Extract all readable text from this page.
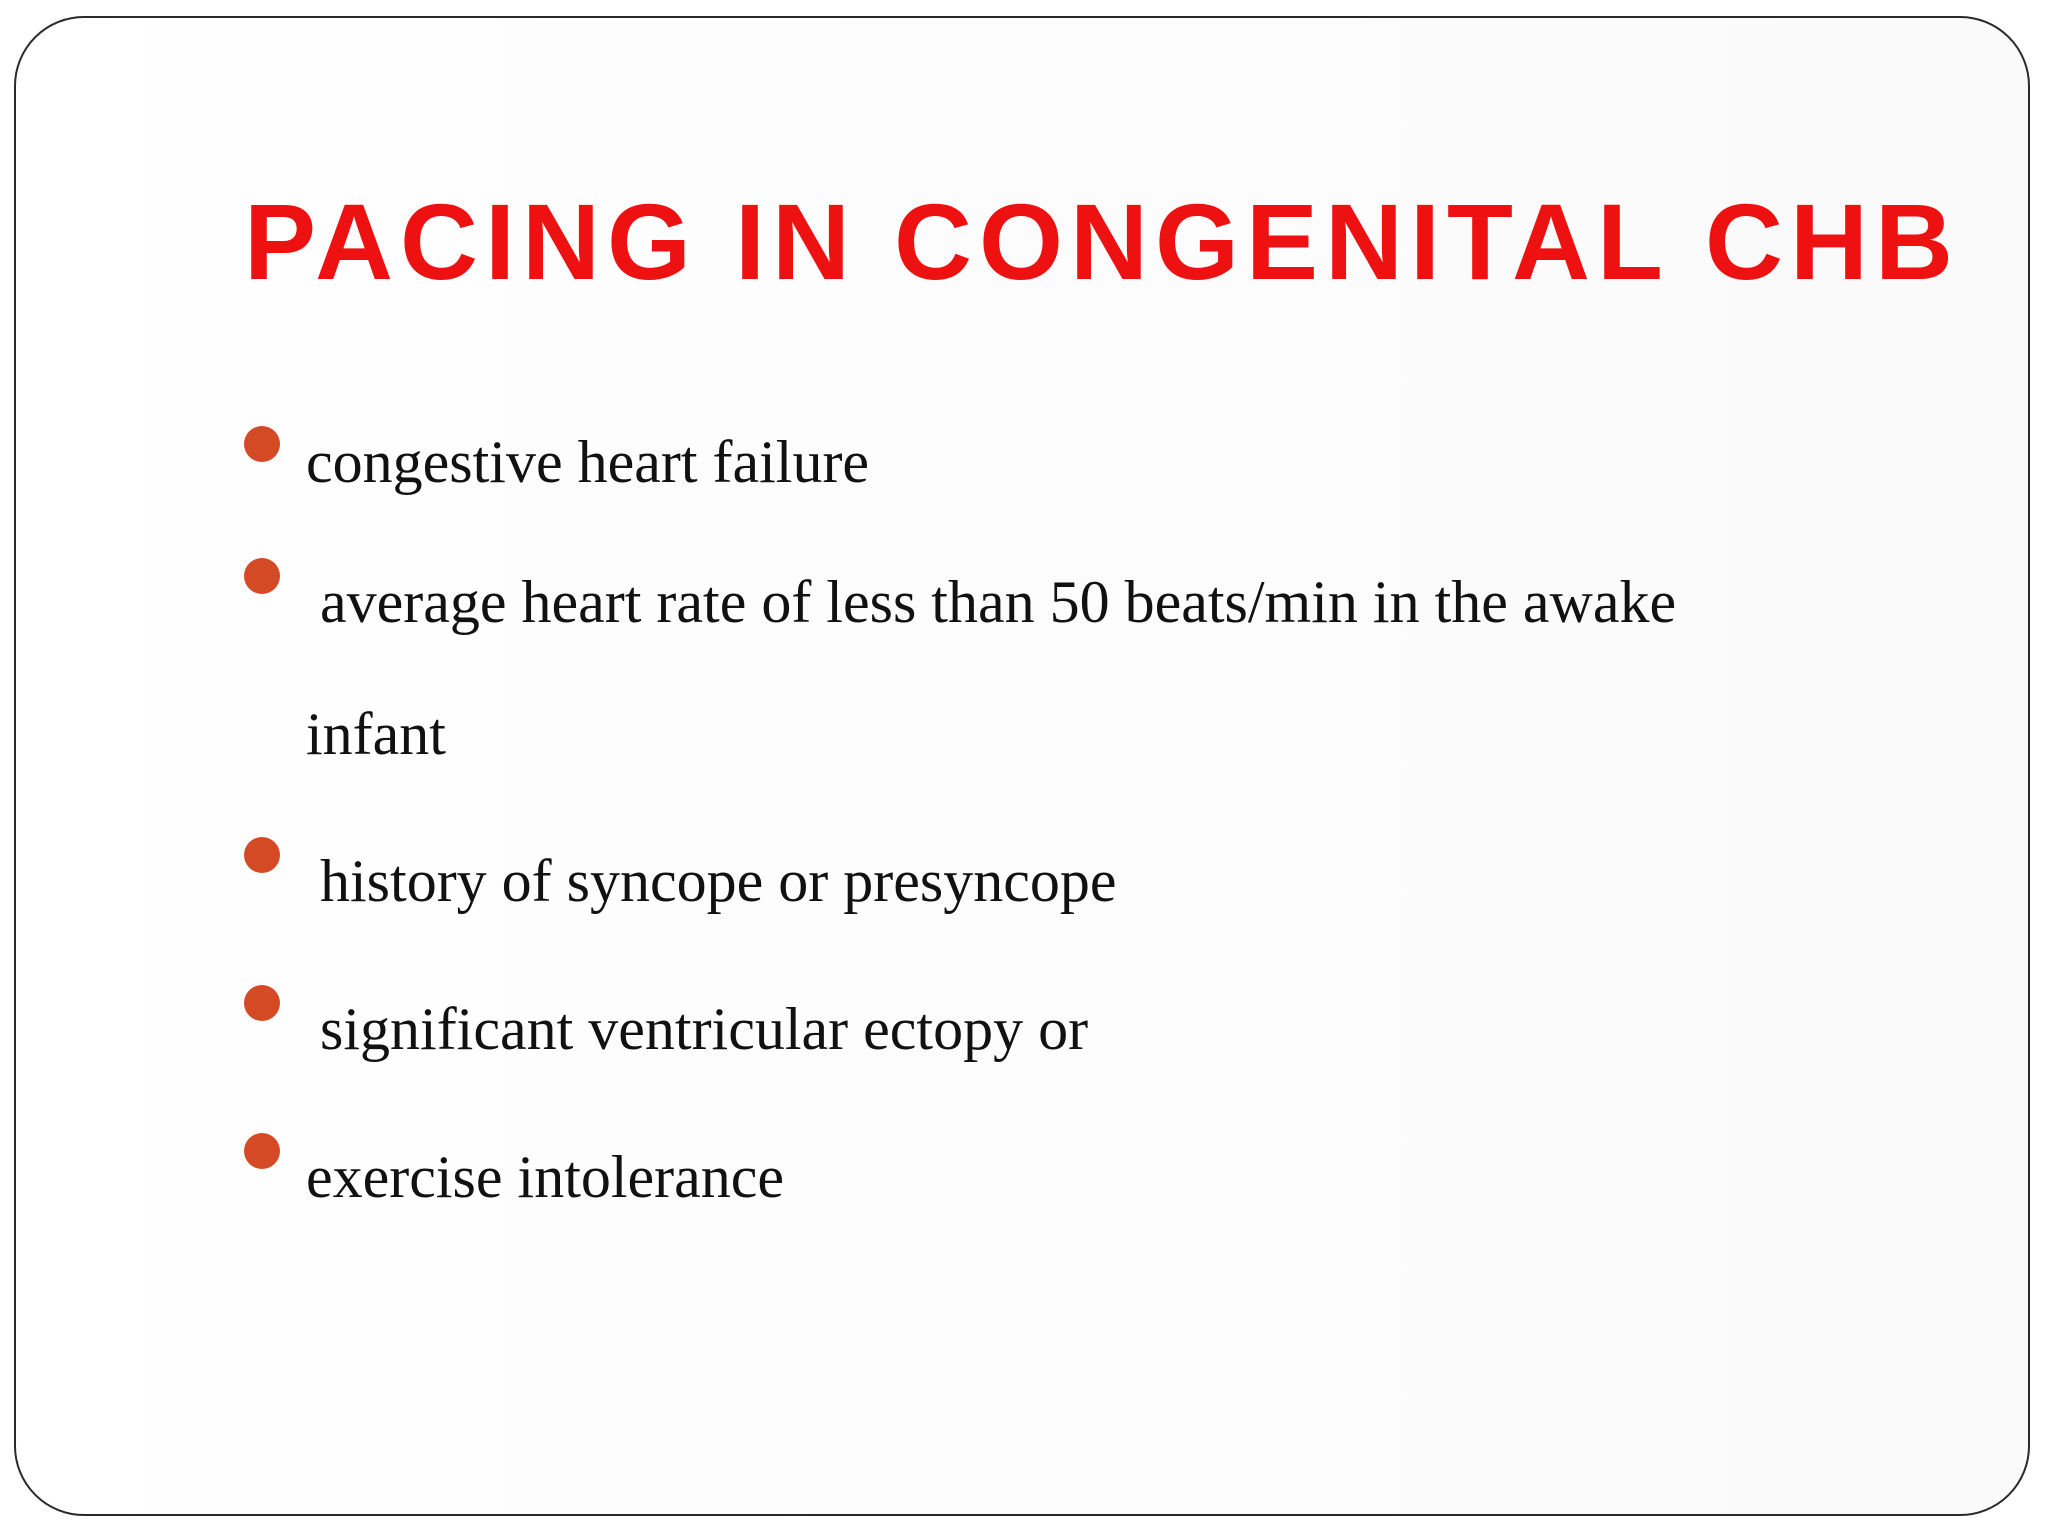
PACING IN CONGENITAL CHB
congestive heart failure
average heart rate of less than 50 beats/min in the awake
infant
history of syncope or presyncope
significant ventricular ectopy or
exercise intolerance
